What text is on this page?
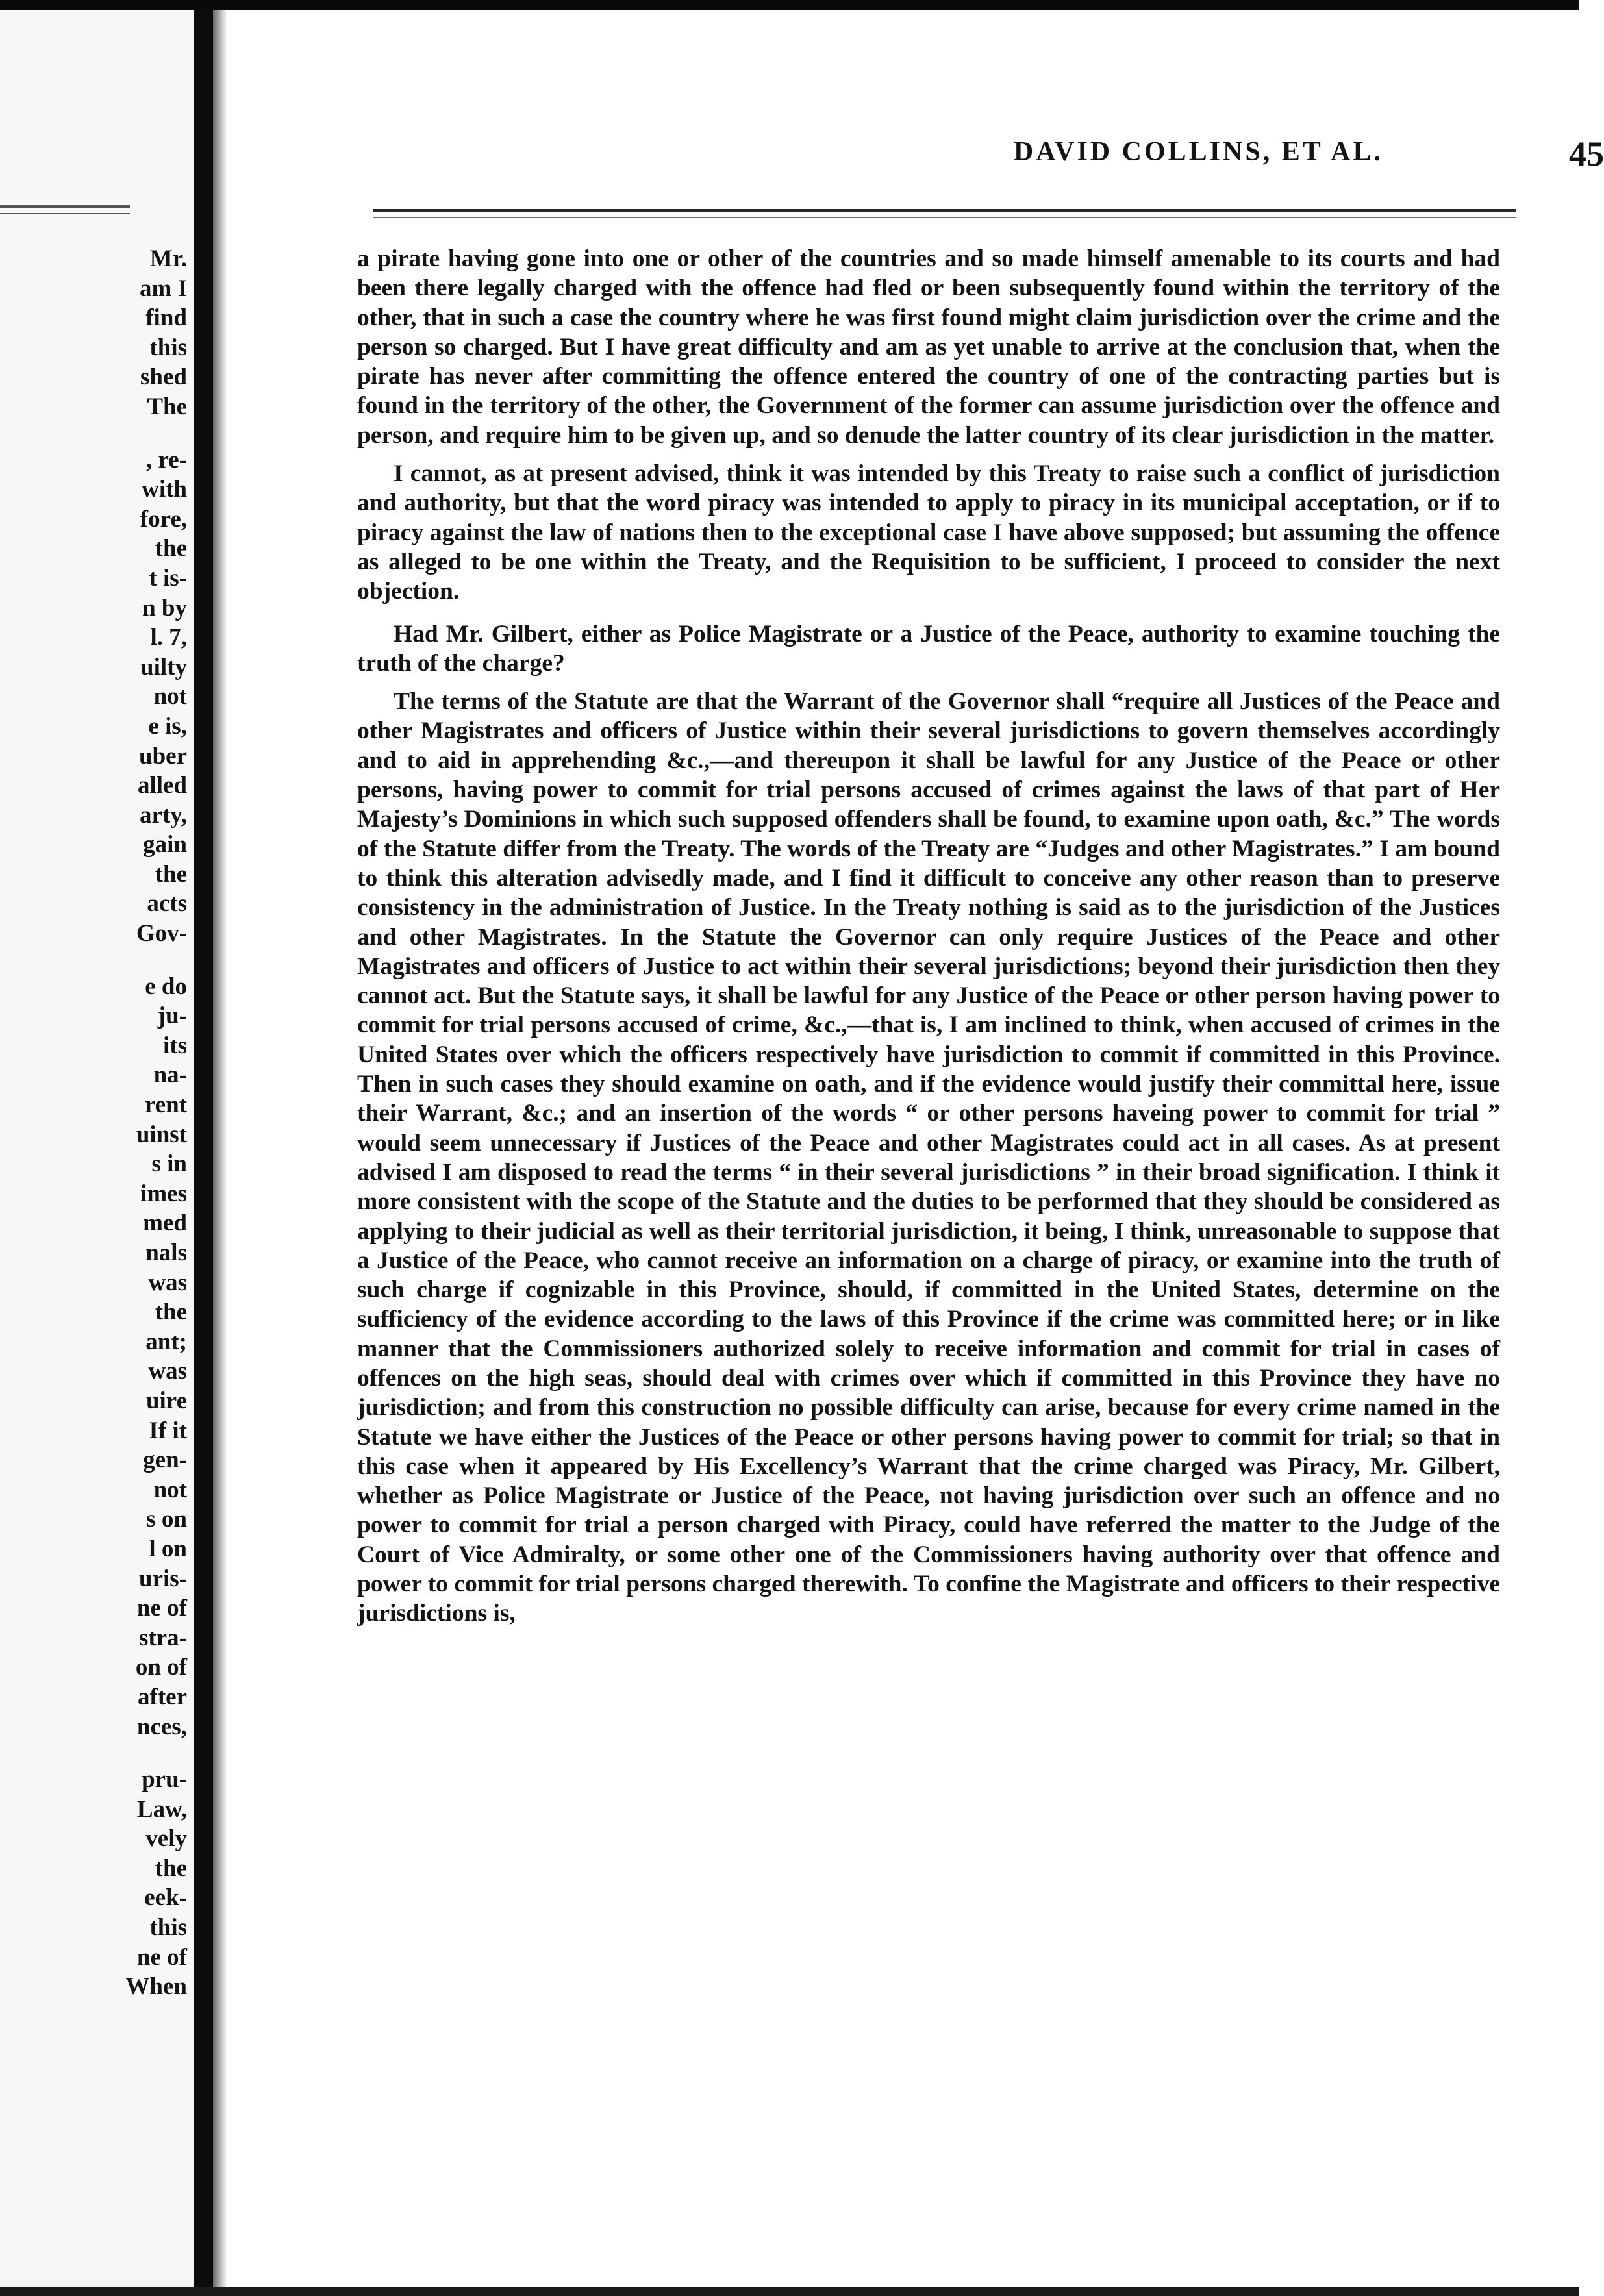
Mr.
am I
find
this
shed
The
, re-
with
fore,
the
t is-
n by
l. 7,
uilty
not
e is,
uber
alled
arty,
gain
the
acts
Gov-
e do
ju-
its
na-
rent
uinst
s in
imes
med
nals
was
the
ant;
was
uire
If it
gen-
not
s on
l on
uris-
ne of
stra-
on of
after
nces,
pru-
Law,
vely
the
eek-
this
ne of
When
DAVID COLLINS, ET AL.	45

a pirate having gone into one or other of the countries and so made himself amenable to its courts and had been there legally charged with the offence had fled or been subsequently found within the territory of the other, that in such a case the country where he was first found might claim jurisdiction over the crime and the person so charged. But I have great difficulty and am as yet unable to arrive at the conclusion that, when the pirate has never after committing the offence entered the country of one of the contracting parties but is found in the territory of the other, the Government of the former can assume jurisdiction over the offence and person, and require him to be given up, and so denude the latter country of its clear jurisdiction in the matter.

I cannot, as at present advised, think it was intended by this Treaty to raise such a conflict of jurisdiction and authority, but that the word piracy was intended to apply to piracy in its municipal acceptation, or if to piracy against the law of nations then to the exceptional case I have above supposed; but assuming the offence as alleged to be one within the Treaty, and the Requisition to be sufficient, I proceed to consider the next objection.

Had Mr. Gilbert, either as Police Magistrate or a Justice of the Peace, authority to examine touching the truth of the charge?

The terms of the Statute are that the Warrant of the Governor shall “require all Justices of the Peace and other Magistrates and officers of Justice within their several jurisdictions to govern themselves accordingly and to aid in apprehending &c.,—and thereupon it shall be lawful for any Justice of the Peace or other persons, having power to commit for trial persons accused of crimes against the laws of that part of Her Majesty’s Dominions in which such supposed offenders shall be found, to examine upon oath, &c.” The words of the Statute differ from the Treaty. The words of the Treaty are “Judges and other Magistrates.” I am bound to think this alteration advisedly made, and I find it difficult to conceive any other reason than to preserve consistency in the administration of Justice. In the Treaty nothing is said as to the jurisdiction of the Justices and other Magistrates. In the Statute the Governor can only require Justices of the Peace and other Magistrates and officers of Justice to act within their several jurisdictions; beyond their jurisdiction then they cannot act. But the Statute says, it shall be lawful for any Justice of the Peace or other person having power to commit for trial persons accused of crime, &c.,—that is, I am inclined to think, when accused of crimes in the United States over which the officers respectively have jurisdiction to commit if committed in this Province. Then in such cases they should examine on oath, and if the evidence would justify their committal here, issue their Warrant, &c.; and an insertion of the words “ or other persons haveing power to commit for trial ” would seem unnecessary if Justices of the Peace and other Magistrates could act in all cases. As at present advised I am disposed to read the terms “ in their several jurisdictions ” in their broad signification. I think it more consistent with the scope of the Statute and the duties to be performed that they should be considered as applying to their judicial as well as their territorial jurisdiction, it being, I think, unreasonable to suppose that a Justice of the Peace, who cannot receive an information on a charge of piracy, or examine into the truth of such charge if cognizable in this Province, should, if committed in the United States, determine on the sufficiency of the evidence according to the laws of this Province if the crime was committed here; or in like manner that the Commissioners authorized solely to receive information and commit for trial in cases of offences on the high seas, should deal with crimes over which if committed in this Province they have no jurisdiction; and from this construction no possible difficulty can arise, because for every crime named in the Statute we have either the Justices of the Peace or other persons having power to commit for trial; so that in this case when it appeared by His Excellency’s Warrant that the crime charged was Piracy, Mr. Gilbert, whether as Police Magistrate or Justice of the Peace, not having jurisdiction over such an offence and no power to commit for trial a person charged with Piracy, could have referred the matter to the Judge of the Court of Vice Admiralty, or some other one of the Commissioners having authority over that offence and power to commit for trial persons charged therewith. To confine the Magistrate and officers to their respective jurisdictions is,
